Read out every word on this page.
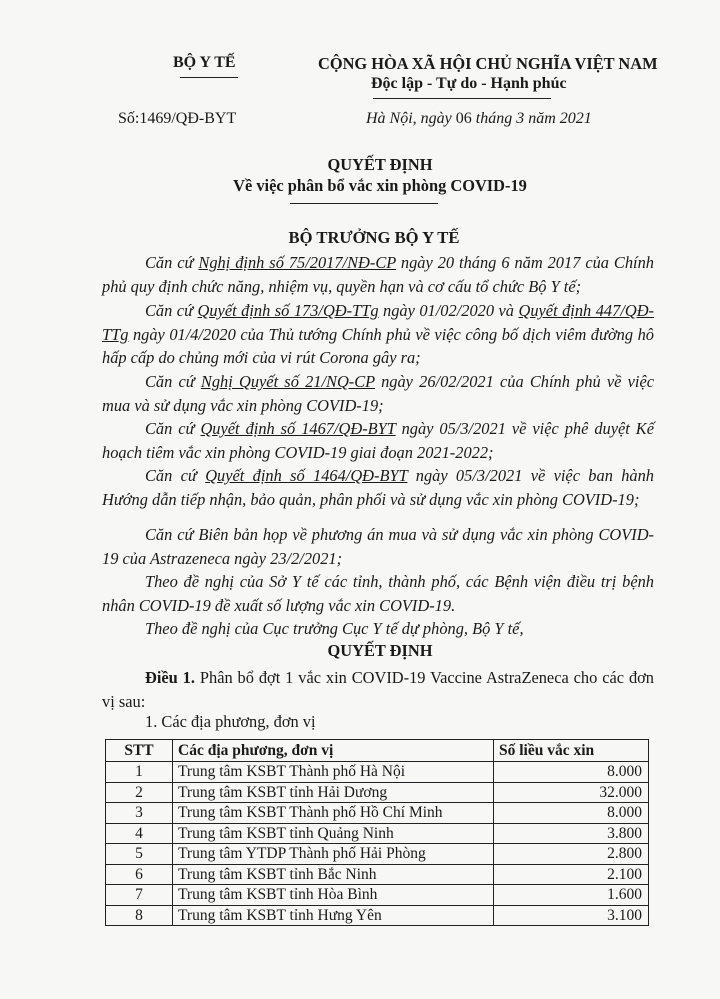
BỘ Y TẾ	CỘNG HÒA XÃ HỘI CHỦ NGHĨA VIỆT NAM
Độc lập - Tự do - Hạnh phúc
Số:1469/QĐ-BYT	Hà Nội, ngày 06 tháng 3 năm 2021
QUYẾT ĐỊNH
Về việc phân bổ vắc xin phòng COVID-19
BỘ TRƯỞNG BỘ Y TẾ
Căn cứ Nghị định số 75/2017/NĐ-CP ngày 20 tháng 6 năm 2017 của Chính phủ quy định chức năng, nhiệm vụ, quyền hạn và cơ cấu tổ chức Bộ Y tế;
Căn cứ Quyết định số 173/QĐ-TTg ngày 01/02/2020 và Quyết định 447/QĐ-TTg ngày 01/4/2020 của Thủ tướng Chính phủ về việc công bố dịch viêm đường hô hấp cấp do chủng mới của vi rút Corona gây ra;
Căn cứ Nghị Quyết số 21/NQ-CP ngày 26/02/2021 của Chính phủ về việc mua và sử dụng vắc xin phòng COVID-19;
Căn cứ Quyết định số 1467/QĐ-BYT ngày 05/3/2021 về việc phê duyệt Kế hoạch tiêm vắc xin phòng COVID-19 giai đoạn 2021-2022;
Căn cứ Quyết định số 1464/QĐ-BYT ngày 05/3/2021 về việc ban hành Hướng dẫn tiếp nhận, bảo quản, phân phối và sử dụng vắc xin phòng COVID-19;
Căn cứ Biên bản họp về phương án mua và sử dụng vắc xin phòng COVID-19 của Astrazeneca ngày 23/2/2021;
Theo đề nghị của Sở Y tế các tỉnh, thành phố, các Bệnh viện điều trị bệnh nhân COVID-19 đề xuất số lượng vắc xin COVID-19.
Theo đề nghị của Cục trưởng Cục Y tế dự phòng, Bộ Y tế,
QUYẾT ĐỊNH
Điều 1. Phân bổ đợt 1 vắc xin COVID-19 Vaccine AstraZeneca cho các đơn vị sau:
1. Các địa phương, đơn vị
STT	Các địa phương, đơn vị	Số liều vắc xin
1	Trung tâm KSBT Thành phố Hà Nội	8.000
2	Trung tâm KSBT tỉnh Hải Dương	32.000
3	Trung tâm KSBT Thành phố Hồ Chí Minh	8.000
4	Trung tâm KSBT tỉnh Quảng Ninh	3.800
5	Trung tâm YTDP Thành phố Hải Phòng	2.800
6	Trung tâm KSBT tỉnh Bắc Ninh	2.100
7	Trung tâm KSBT tỉnh Hòa Bình	1.600
8	Trung tâm KSBT tỉnh Hưng Yên	3.100
